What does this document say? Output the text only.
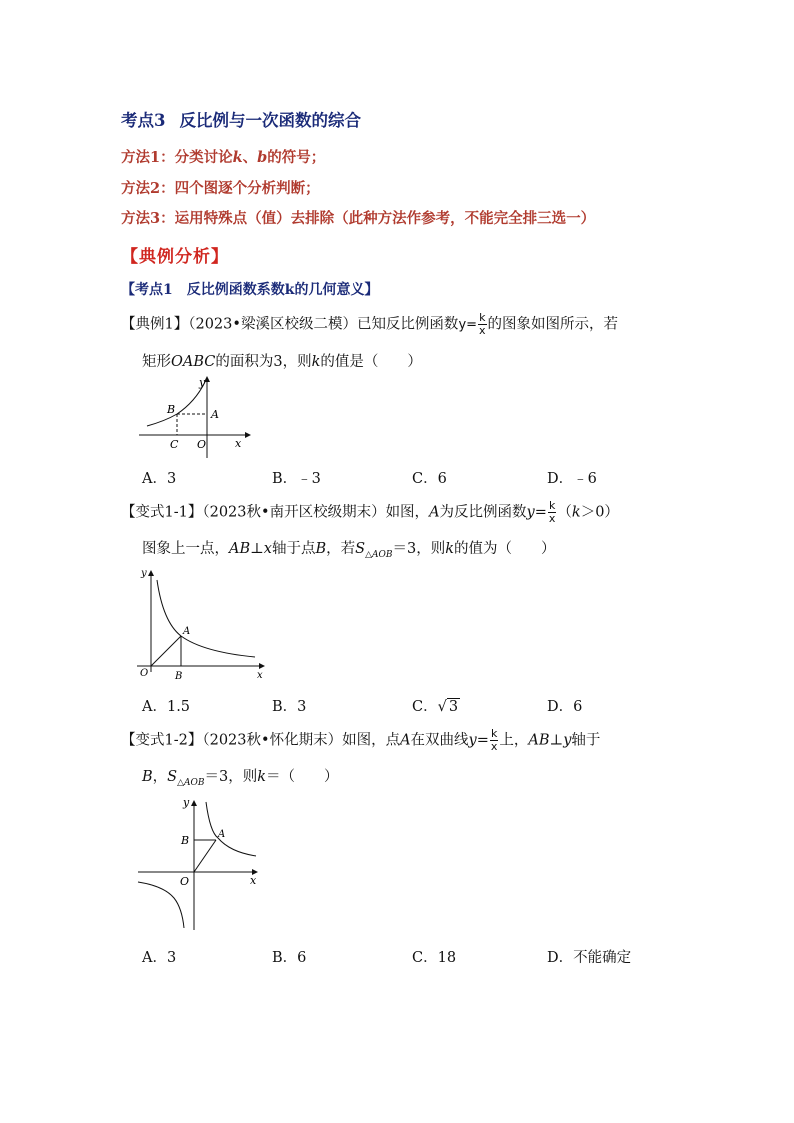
考点3 反比例与一次函数的综合
方法1：分类讨论k、b的符号；
方法2：四个图逐个分析判断；
方法3：运用特殊点（值）去排除（此种方法作参考，不能完全排三选一）
【典例分析】
【考点1　反比例函数系数k的几何意义】
【典例1】（2023•梁溪区校级二模）已知反比例函数$y= \frac{k}{x}$ 的图象如图所示，若
矩形OABC的面积为3，则k的值是（　　）
y
x
A
B
C O
A．3	B．﹣3	C．6	D．﹣6
【变式1-1】（2023秋•南开区校级期末）如图，A为反比例函数$y= \frac{k}{x} (k>0)$
图象上一点，AB⊥x轴于点B，若$S_{\triangle AOB}=3$，则k的值为（　　）
y
x
A
B
O
A．1.5	B．3	C．√ 3	D．6
【变式1-2】（2023秋•怀化期末）如图，点A在双曲线$y= \frac{k}{x}$ 上，AB⊥y轴于
B，$S_{\triangle AOB}=3$，则k＝（　　）
y
x
A
B
O
A．3	B．6	C．18	D．不能确定
